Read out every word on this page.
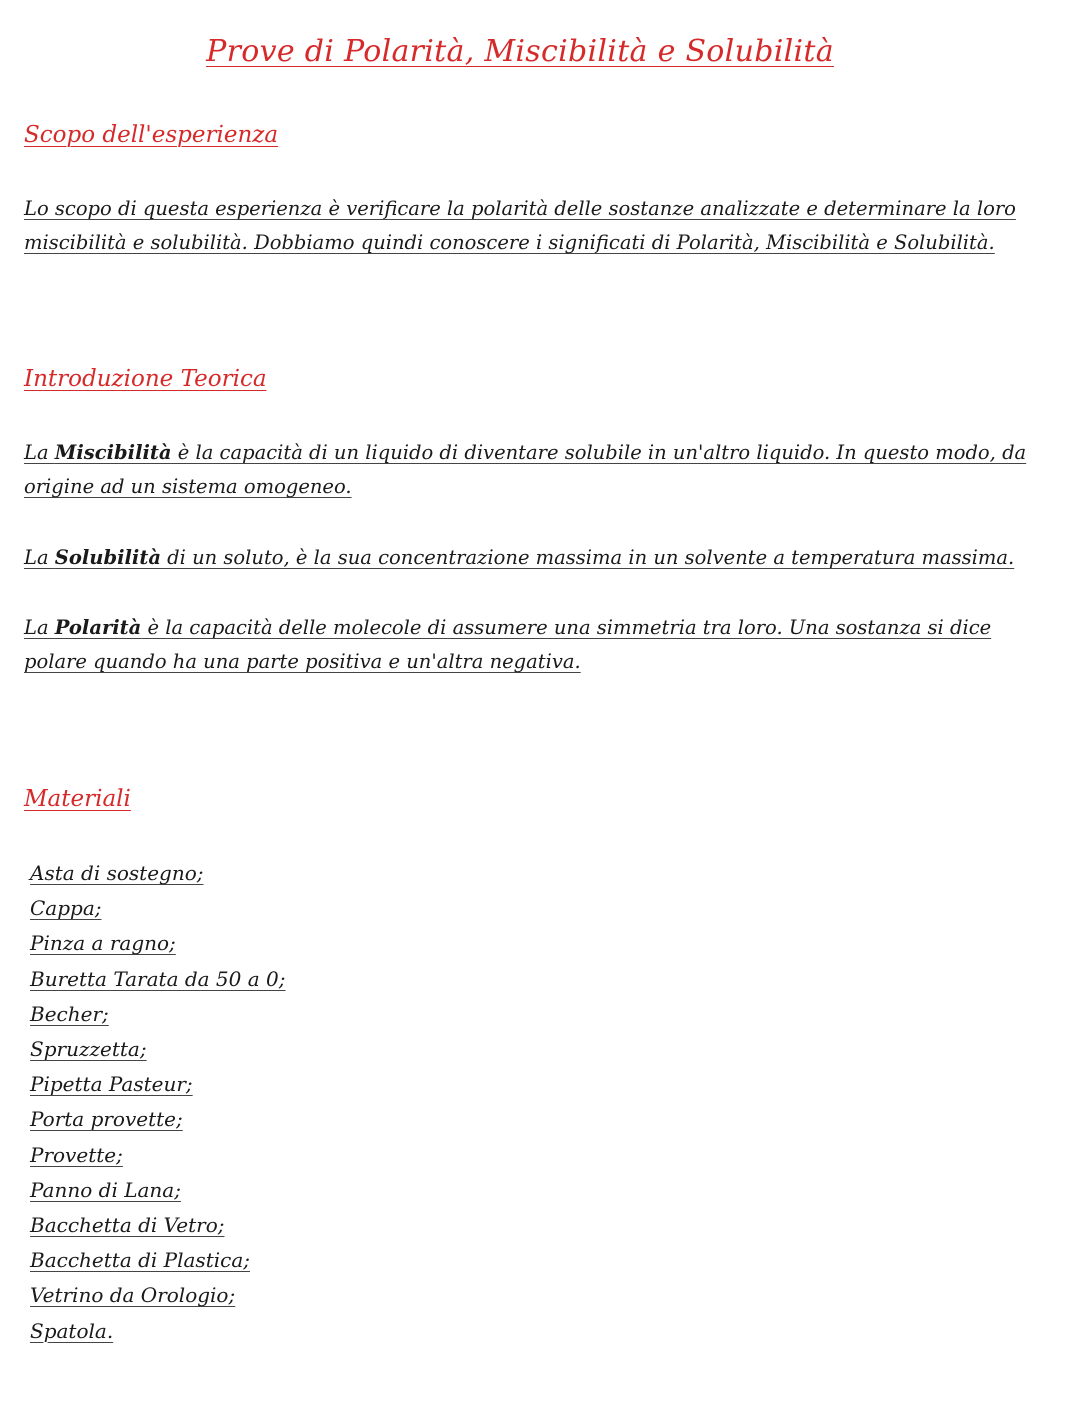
Prove di Polarità, Miscibilità e Solubilità
Scopo dell'esperienza
Lo scopo di questa esperienza è verificare la polarità delle sostanze analizzate e determinare la loro miscibilità e solubilità. Dobbiamo quindi conoscere i significati di Polarità, Miscibilità e Solubilità.
Introduzione Teorica
La Miscibilità è la capacità di un liquido di diventare solubile in un'altro liquido. In questo modo, da origine ad un sistema omogeneo.
La Solubilità di un soluto, è la sua concentrazione massima in un solvente a temperatura massima.
La Polarità è la capacità delle molecole di assumere una simmetria tra loro. Una sostanza si dice polare quando ha una parte positiva e un'altra negativa.
Materiali
Asta di sostegno;
Cappa;
Pinza a ragno;
Buretta Tarata da 50 a 0;
Becher;
Spruzzetta;
Pipetta Pasteur;
Porta provette;
Provette;
Panno di Lana;
Bacchetta di Vetro;
Bacchetta di Plastica;
Vetrino da Orologio;
Spatola.
